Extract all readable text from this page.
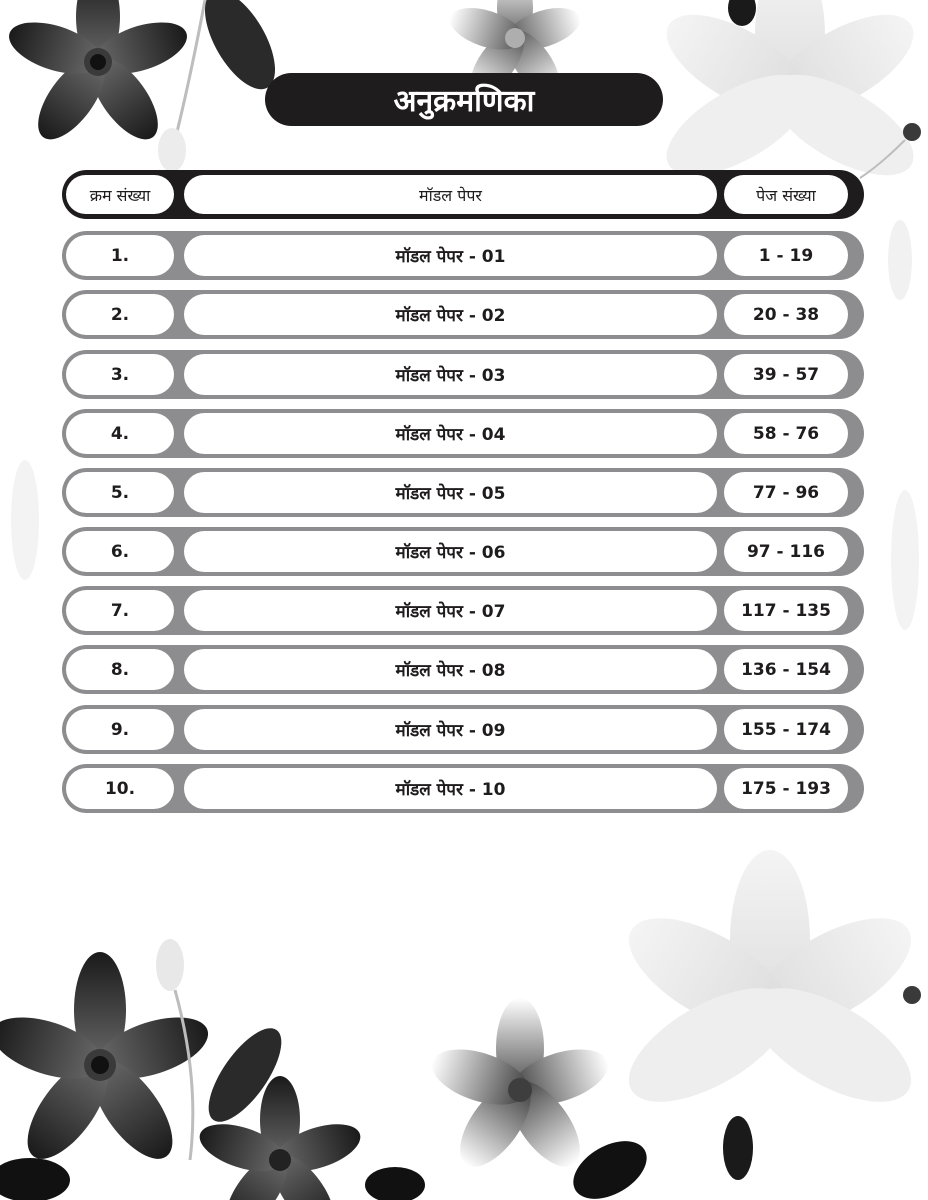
अनुक्रमणिका
क्रम संख्या	मॉडल पेपर	पेज संख्या
1.	मॉडल पेपर - 01	1 - 19
2.	मॉडल पेपर - 02	20 - 38
3.	मॉडल पेपर - 03	39 - 57
4.	मॉडल पेपर - 04	58 - 76
5.	मॉडल पेपर - 05	77 - 96
6.	मॉडल पेपर - 06	97 - 116
7.	मॉडल पेपर - 07	117 - 135
8.	मॉडल पेपर - 08	136 - 154
9.	मॉडल पेपर - 09	155 - 174
10.	मॉडल पेपर - 10	175 - 193
